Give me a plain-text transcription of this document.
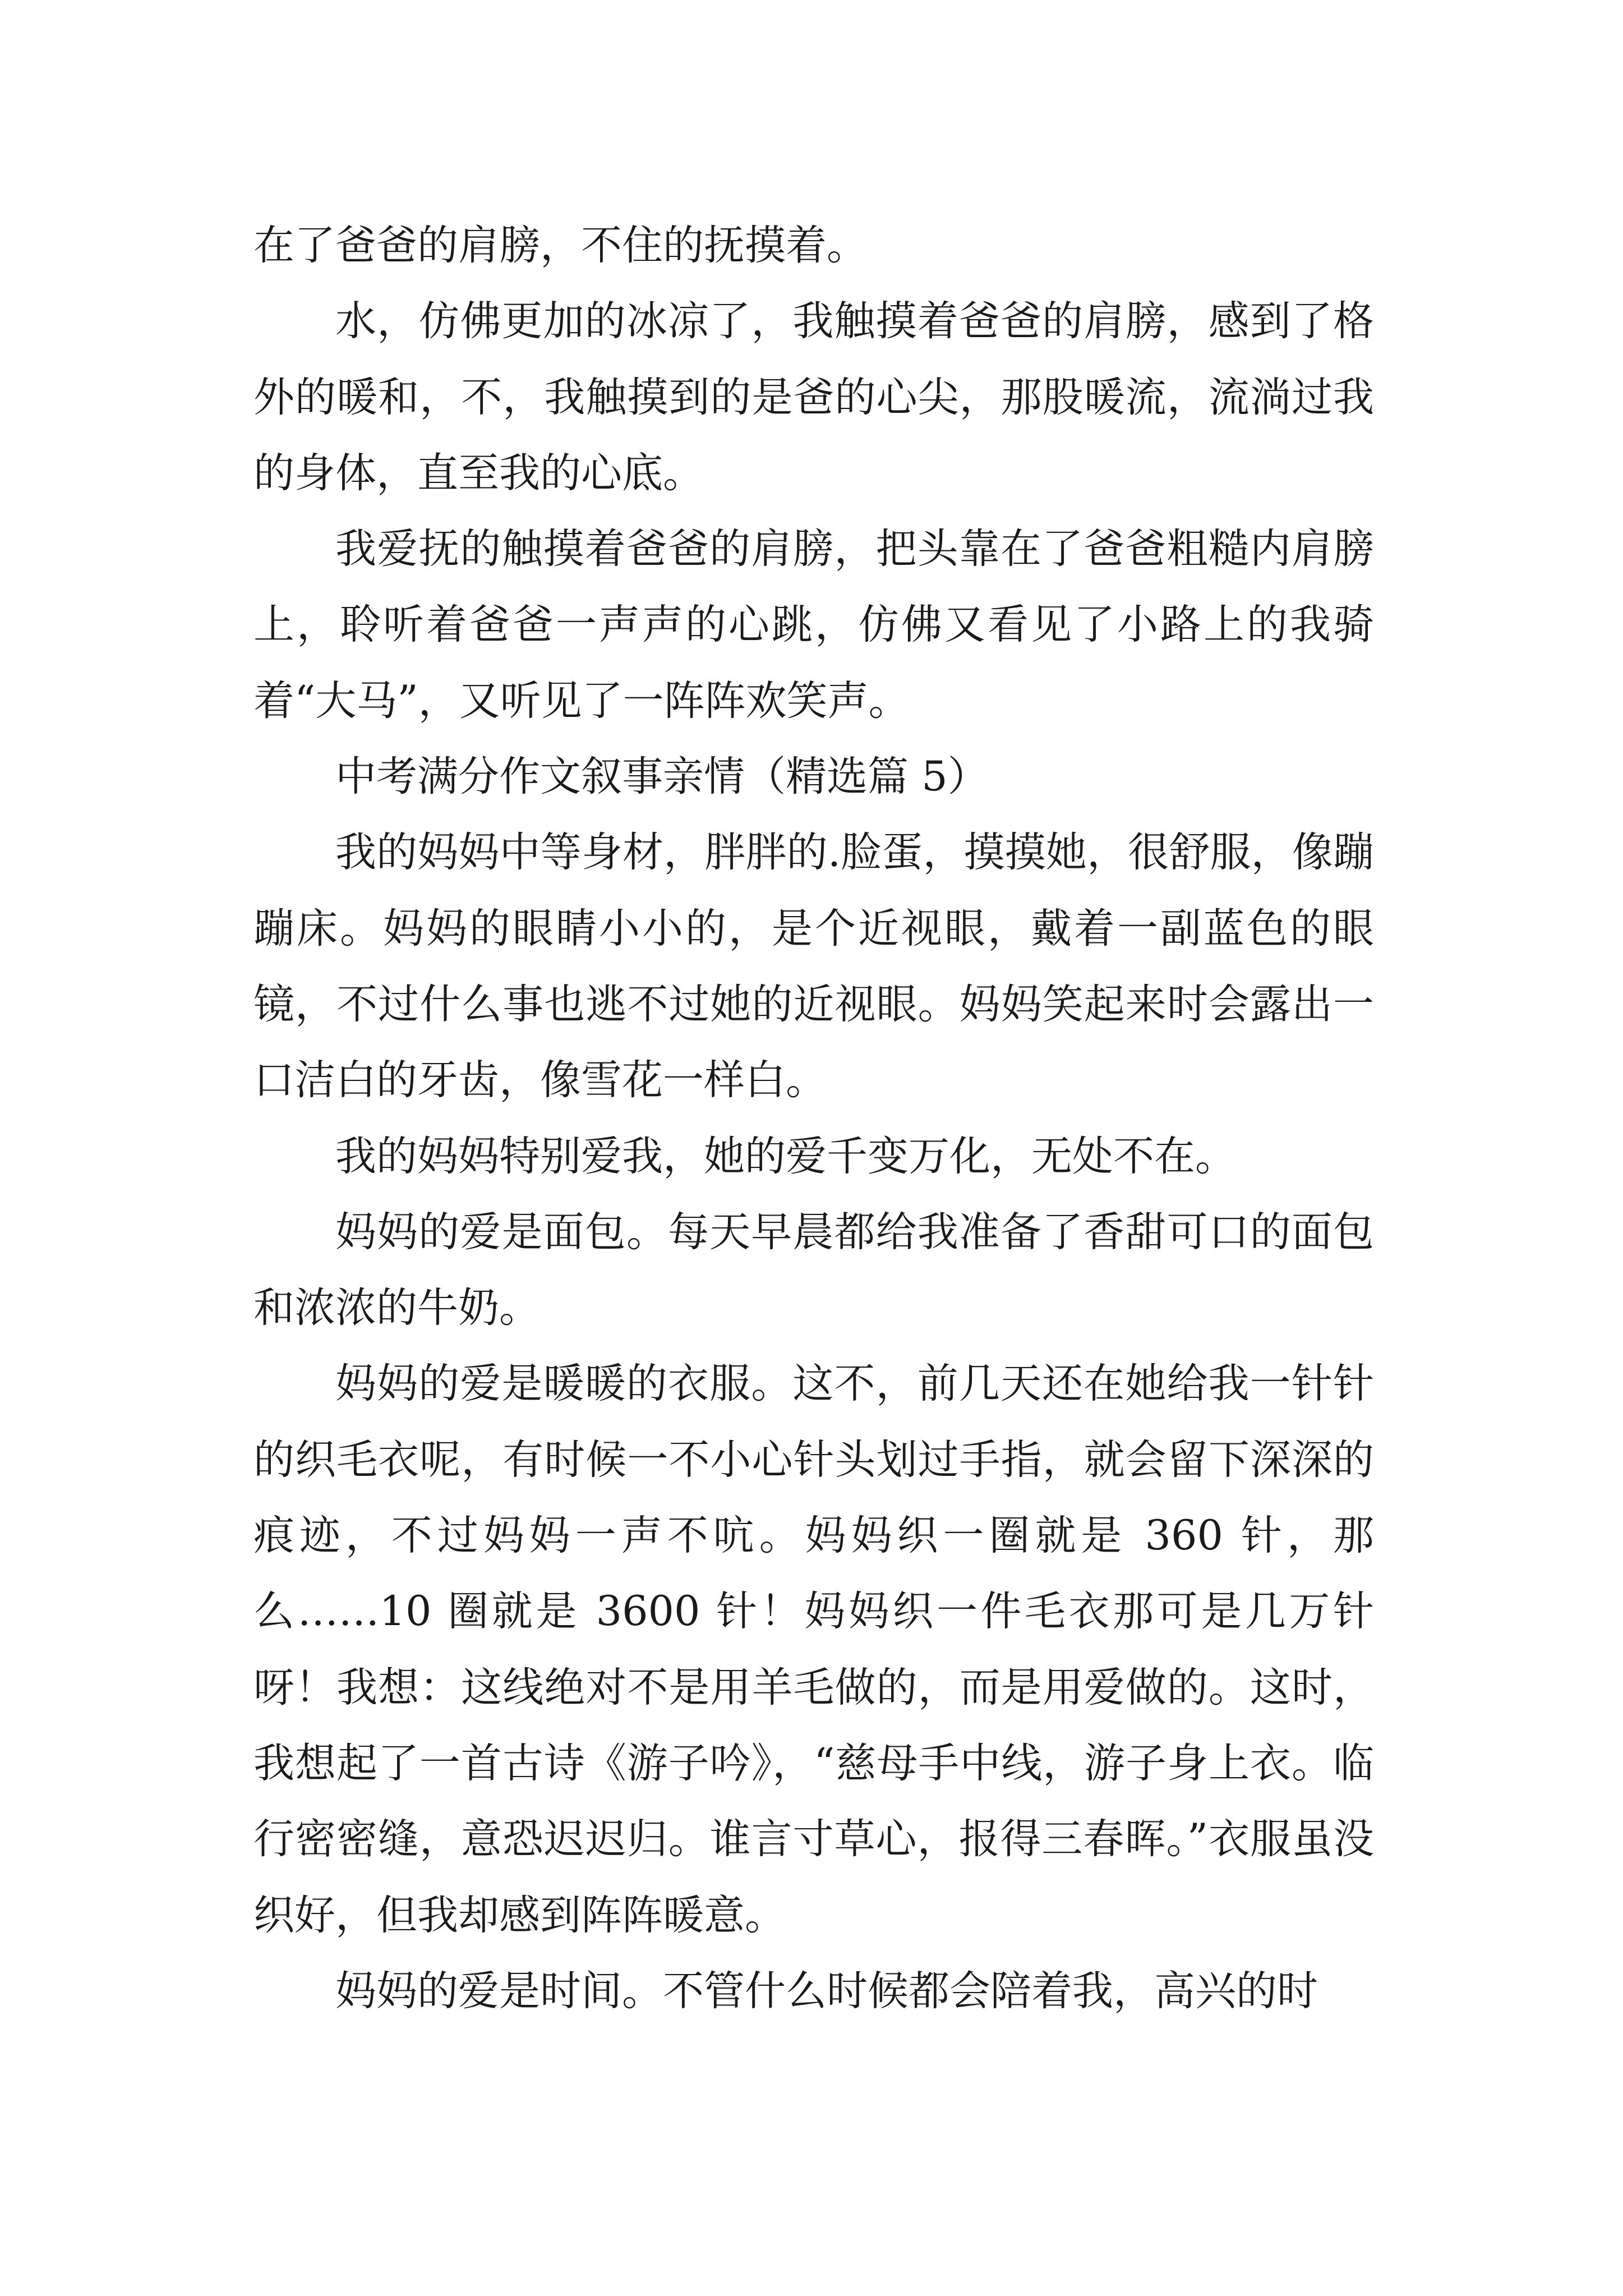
在了爸爸的肩膀，不住的抚摸着。

水，仿佛更加的冰凉了，我触摸着爸爸的肩膀，感到了格外的暖和，不，我触摸到的是爸的心尖，那股暖流，流淌过我的身体，直至我的心底。

我爱抚的触摸着爸爸的肩膀，把头靠在了爸爸粗糙内肩膀上，聆听着爸爸一声声的心跳，仿佛又看见了小路上的我骑着“大马”，又听见了一阵阵欢笑声。

中考满分作文叙事亲情（精选篇 5）

我的妈妈中等身材，胖胖的.脸蛋，摸摸她，很舒服，像蹦蹦床。妈妈的眼睛小小的，是个近视眼，戴着一副蓝色的眼镜，不过什么事也逃不过她的近视眼。妈妈笑起来时会露出一口洁白的牙齿，像雪花一样白。

我的妈妈特别爱我，她的爱千变万化，无处不在。

妈妈的爱是面包。每天早晨都给我准备了香甜可口的面包和浓浓的牛奶。

妈妈的爱是暖暖的衣服。这不，前几天还在她给我一针针的织毛衣呢，有时候一不小心针头划过手指，就会留下深深的痕迹，不过妈妈一声不吭。妈妈织一圈就是 360 针，那么……10 圈就是 3600 针！妈妈织一件毛衣那可是几万针呀！我想：这线绝对不是用羊毛做的，而是用爱做的。这时，我想起了一首古诗《游子吟》，“慈母手中线，游子身上衣。临行密密缝，意恐迟迟归。谁言寸草心，报得三春晖。”衣服虽没织好，但我却感到阵阵暖意。

妈妈的爱是时间。不管什么时候都会陪着我，高兴的时
